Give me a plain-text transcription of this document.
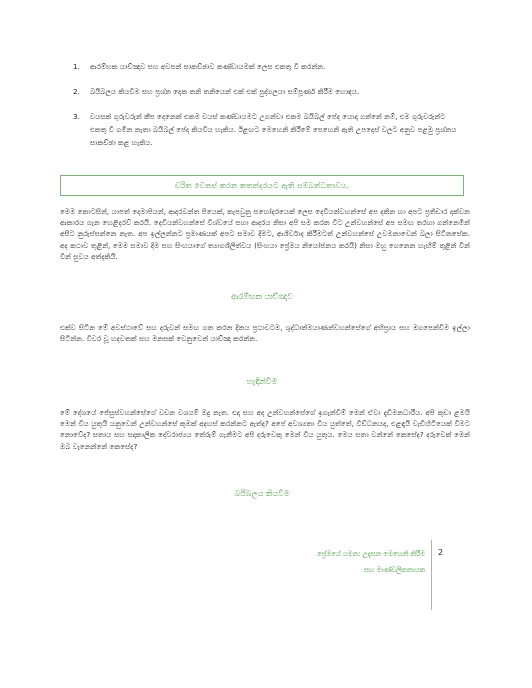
1. ආරම්භක යාච්ඤාව සහ අවසන් සාකච්ඡාව කණ්ඩායමක් ලෙස එකතු වී කරන්න.
2. බයිබලය කියවීම සහ ප්‍රශ්න දෙක තනි තනියෙන් එක් එක් පුද්ගලයා සම්පූර්ණ කිරීම හොඳය.
3. වයසක් ගුරුවරුන් කීප දෙනෙක් එකම වයස් කණ්ඩායමට උගන්වා එකම බයිබල් පේද යොදා ගන්නේ නම්, එම ගුරුවරුන්ට එකතු වී ගමින නැතා බයිබල් පේද කියවිය හැකිය. ඊළඟට මෙහෙනි කිරීමේ පෙහෙනි ඇති උපදෙස් වලට අනුව පළමු ප්‍රශ්නය සාකච්ඡා කළ හැකිය.
චරිත වෙනස් කරන කතන්දරයට ඇති සම්බන්ධතාවය.

මෙම කොටසින්, යාපත් දෙමාපියන්, ආදරවන්ත පියෙක්, කැපවුනු සහෝදරයෙක් ලෙස දෙවියන්වහන්සේ අප දකින හා අපට ප්‍රතිචාර දක්වන ආකාරය ගැන හෙළිදරව් කරයි. දෙවියන්වහන්සේ විශ්වයේ සහා ආදරය නිසා අපි සම කරන විට උන්වහන්සේ අප සමඟ තරහා ගන්නෙමින් අසීට නුරුස්සන්නෙ නැත. අප ඉල්ලන්නට ප්‍රමාණයක් අපට සමාව දීමට, ආශීර්වාද කිරීමටත් උන්වහන්සේ උවමනාවෙන් බලා සිටිනසේක. අද කථාව තුළින්, මෙම සමාව දීම සහ සිංහයාගේ ත්‍යාගශීලිත්වය (සිංහයා ප්‍රේමය නියෝජනය කරයි) නිසා ඔහු ගෙනෙන හැඟීම් තුළින් වින් වින් සුවය අත්දකියි.

ආරම්භක යාච්ඤාව

එක්ව සිටින මේ අවස්ථාවේ සහ දරුවන් සමඟ ගත කරන දිනය ප්‍රථාවටම, ශුද්ධාත්මයාණන්වහන්සේගේ අභිප්‍රාය සහ මගපෙන්වීම ඉල්ලා සිටින්න. විවර වූ හදවතක් සහ මනසක් වෙනුවෙන් යාච්ඤා කරන්න.

හැඳින්වීම

මේ දේශයේ ජේසුස්වහන්සේගේ වචන වශයම් ඔදු නැත. එදා සහ අද උන්වහන්සේගේ ඉගැන්වීම් මෙන් ඒවා දැඩිමනධාරීය. අපි කුඩා ළමයි මෙන් විය යුතුයි යනුවෙන් උන්වහන්සේ කුමක් අදහස් කරන්නට ඇත්ද? අපේ අවශ්‍යතා විය යුත්තේ, විච්ධනයද, එළඳැයි වැඩිහිටියෙක් විමට නොවේද? සතාය සහ සදාකාලික දේවරාජ්‍යය තේරුම් ගැනීමට අපි දරුවෙකු මෙන් විය යුතුය. මෙය සතා වන්නේ කෙසේද? දරුවෙක් මෙන් ඔබ වැනෙන්නේ කෙසේද?

බයිබලය කියවීම
ප්‍රේමයේ ගමන: උදැසන මෙහෙනි කිරීම
සහ මාණ්ඩලිකනායක
2
